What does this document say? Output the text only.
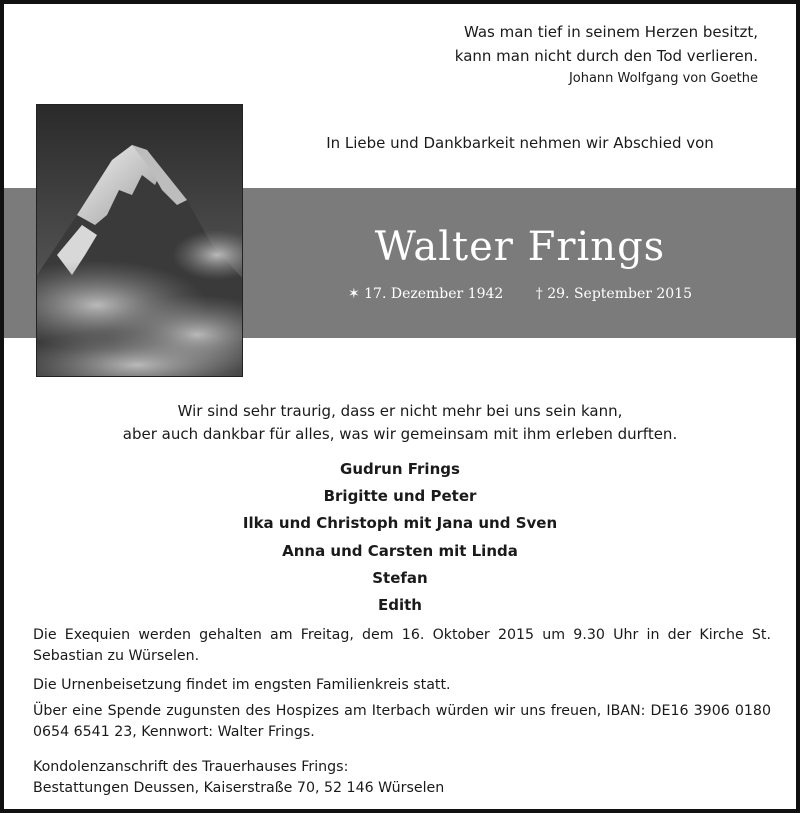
Was man tief in seinem Herzen besitzt,
kann man nicht durch den Tod verlieren.
Johann Wolfgang von Goethe
In Liebe und Dankbarkeit nehmen wir Abschied von
Walter Frings
✶ 17. Dezember 1942 † 29. September 2015
Wir sind sehr traurig, dass er nicht mehr bei uns sein kann,
aber auch dankbar für alles, was wir gemeinsam mit ihm erleben durften.
Gudrun Frings
Brigitte und Peter
Ilka und Christoph mit Jana und Sven
Anna und Carsten mit Linda
Stefan
Edith
Die Exequien werden gehalten am Freitag, dem 16. Oktober 2015 um 9.30 Uhr in der Kirche St. Sebastian zu Würselen.
Die Urnenbeisetzung findet im engsten Familienkreis statt.
Über eine Spende zugunsten des Hospizes am Iterbach würden wir uns freuen, IBAN: DE16 3906 0180 0654 6541 23, Kennwort: Walter Frings.
Kondolenzanschrift des Trauerhauses Frings:
Bestattungen Deussen, Kaiserstraße 70, 52 146 Würselen
